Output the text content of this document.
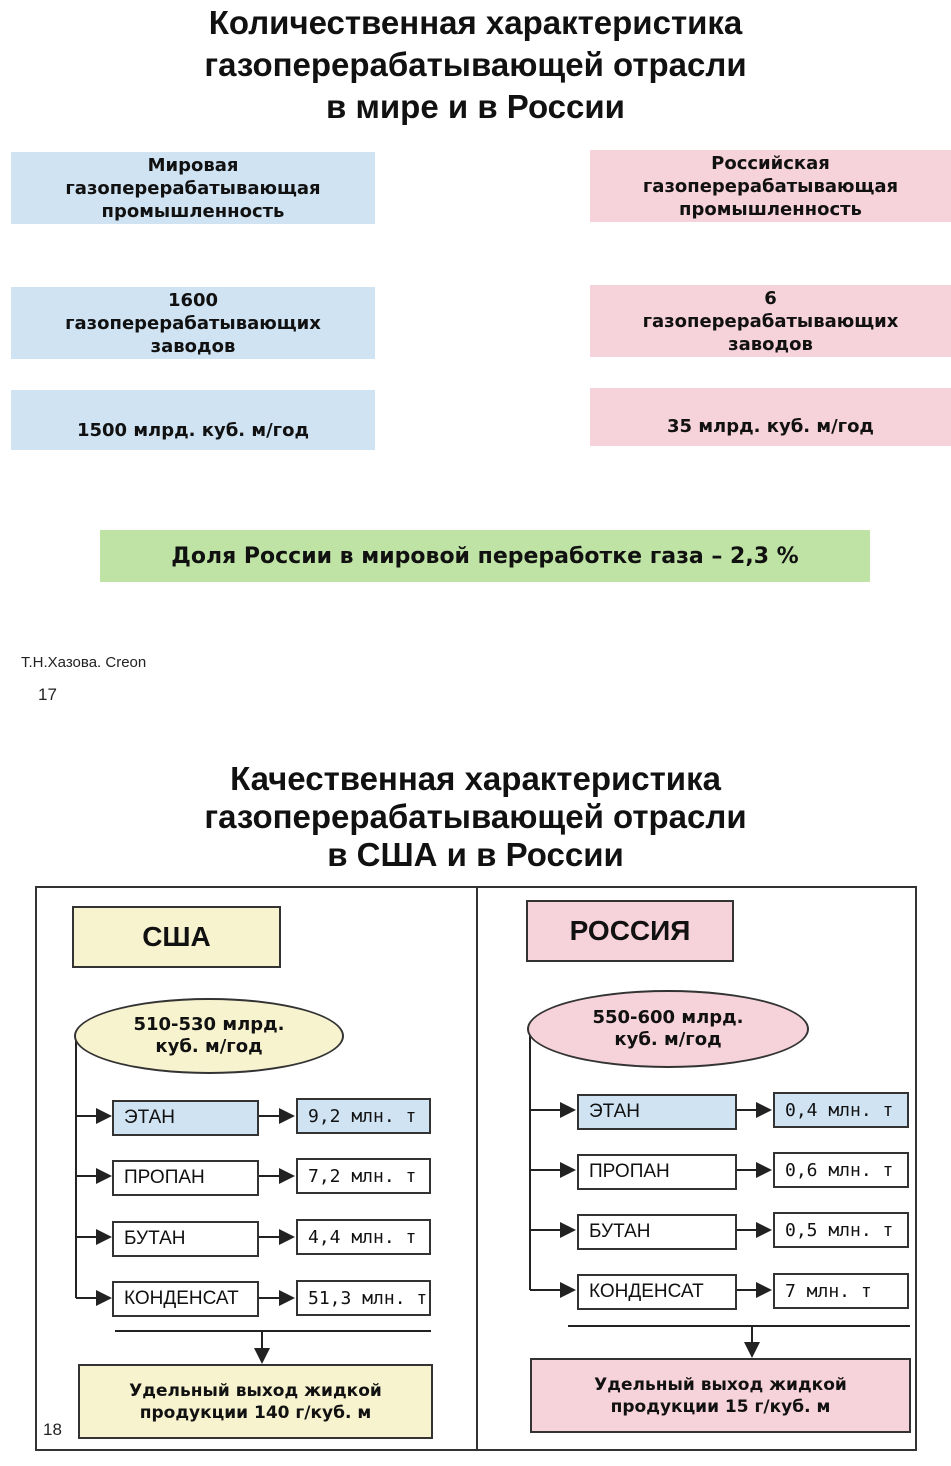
Количественная характеристика
газоперерабатывающей отрасли
в мире и в России
Мировая
газоперерабатывающая
промышленность
Российская
газоперерабатывающая
промышленность
1600
газоперерабатывающих
заводов
6
газоперерабатывающих
заводов
1500 млрд. куб. м/год	35 млрд. куб. м/год
Доля России в мировой переработке газа – 2,3 %
Т.Н.Хазова. Creon
17
Качественная характеристика
газоперерабатывающей отрасли
в США и в России
США
510-530 млрд.
куб. м/год
ЭТАН	9,2 млн. т
ПРОПАН	7,2 млн. т
БУТАН	4,4 млн. т
КОНДЕНСАТ	51,3 млн. т
Удельный выход жидкой
продукции 140 г/куб. м
РОССИЯ
550-600 млрд.
куб. м/год
ЭТАН	0,4 млн. т
ПРОПАН	0,6 млн. т
БУТАН	0,5 млн. т
КОНДЕНСАТ	7 млн. т
Удельный выход жидкой
продукции 15 г/куб. м
18
